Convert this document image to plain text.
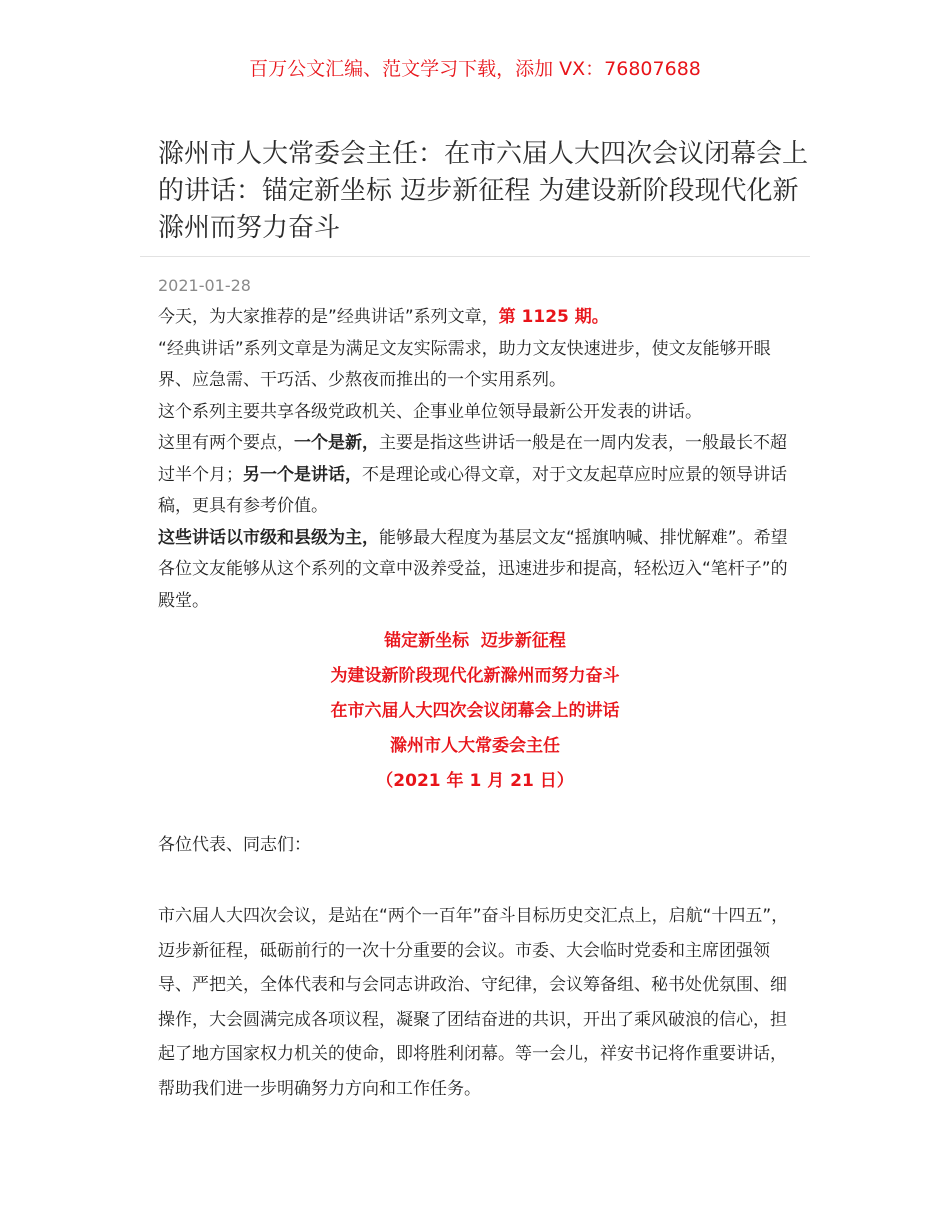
百万公文汇编、范文学习下载，添加 VX：76807688
滁州市人大常委会主任：在市六届人大四次会议闭幕会上的讲话：锚定新坐标 迈步新征程 为建设新阶段现代化新滁州而努力奋斗
2021-01-28

今天，为大家推荐的是”经典讲话”系列文章，第 1125 期。

“经典讲话”系列文章是为满足文友实际需求，助力文友快速进步，使文友能够开眼界、应急需、干巧活、少熬夜而推出的一个实用系列。

这个系列主要共享各级党政机关、企事业单位领导最新公开发表的讲话。

这里有两个要点，一个是新，主要是指这些讲话一般是在一周内发表，一般最长不超过半个月；另一个是讲话，不是理论或心得文章，对于文友起草应时应景的领导讲话稿，更具有参考价值。

这些讲话以市级和县级为主，能够最大程度为基层文友“摇旗呐喊、排忧解难”。希望各位文友能够从这个系列的文章中汲养受益，迅速进步和提高，轻松迈入“笔杆子”的殿堂。

锚定新坐标  迈步新征程
为建设新阶段现代化新滁州而努力奋斗
在市六届人大四次会议闭幕会上的讲话
滁州市人大常委会主任
（2021 年 1 月 21 日）
各位代表、同志们：

市六届人大四次会议，是站在“两个一百年”奋斗目标历史交汇点上，启航“十四五”，迈步新征程，砥砺前行的一次十分重要的会议。市委、大会临时党委和主席团强领导、严把关，全体代表和与会同志讲政治、守纪律，会议筹备组、秘书处优氛围、细操作，大会圆满完成各项议程，凝聚了团结奋进的共识，开出了乘风破浪的信心，担起了地方国家权力机关的使命，即将胜利闭幕。等一会儿，祥安书记将作重要讲话，帮助我们进一步明确努力方向和工作任务。
